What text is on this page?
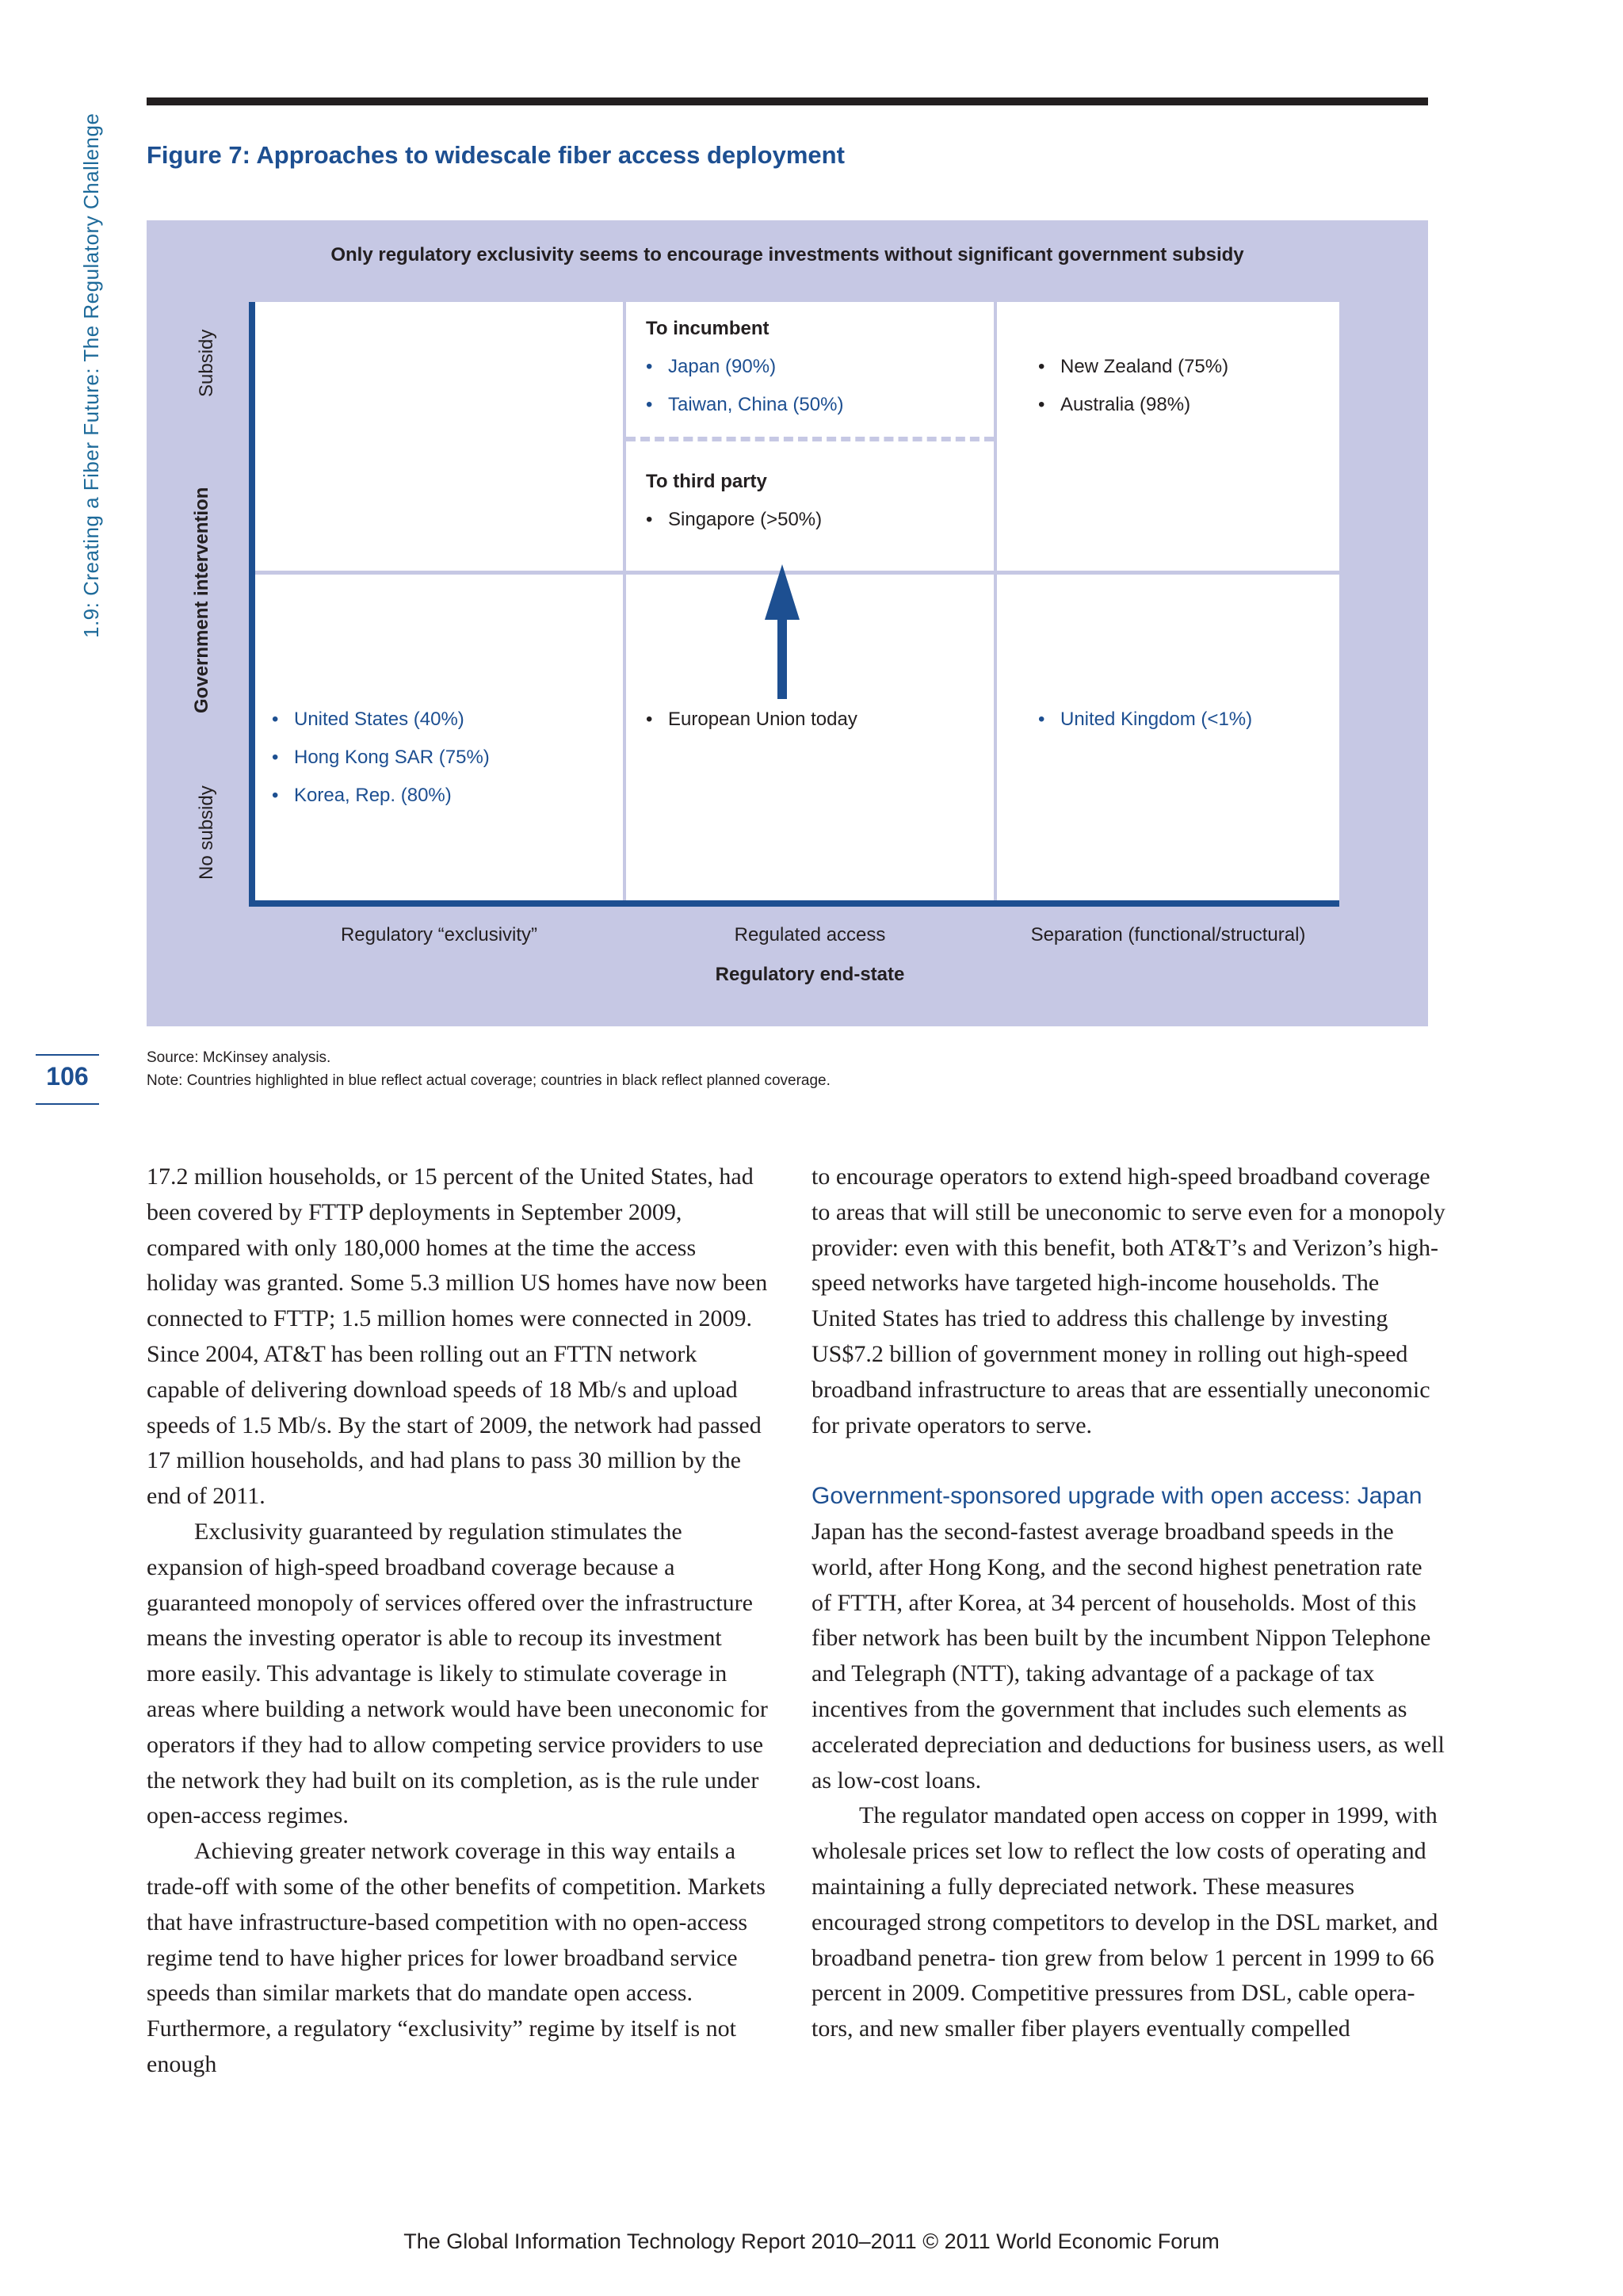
1.9: Creating a Fiber Future: The Regulatory Challenge
106
Figure 7: Approaches to widescale fiber access deployment
Only regulatory exclusivity seems to encourage investments without significant government subsidy
To incumbent
• Japan (90%)
• Taiwan, China (50%)
To third party
• Singapore (>50%)
• New Zealand (75%)
• Australia (98%)
• United States (40%)
• Hong Kong SAR (75%)
• Korea, Rep. (80%)
• European Union today
•	United Kingdom (<1%)
Subsidy
No subsidy
Government intervention
Regulatory “exclusivity”	Regulated access	Separation (functional/structural)
Regulatory end-state
Source: McKinsey analysis.
Note: Countries highlighted in blue reflect actual coverage; countries in black reflect planned coverage.

17.2 million households, or 15 percent of the United States, had been covered by FTTP deployments in September 2009, compared with only 180,000 homes at the time the access holiday was granted. Some 5.3 million US homes have now been connected to FTTP; 1.5 million homes were connected in 2009. Since 2004, AT&T has been rolling out an FTTN network capable of delivering download speeds of 18 Mb/s and upload speeds of 1.5 Mb/s. By the start of 2009, the network had passed 17 million households, and had plans to pass 30 million by the end of 2011.

Exclusivity guaranteed by regulation stimulates the expansion of high-speed broadband coverage because a guaranteed monopoly of services offered over the infrastructure means the investing operator is able to recoup its investment more easily. This advantage is likely to stimulate coverage in areas where building a network would have been uneconomic for operators if they had to allow competing service providers to use the network they had built on its completion, as is the rule under open-access regimes.

Achieving greater network coverage in this way entails a trade-off with some of the other benefits of competition. Markets that have infrastructure-based competition with no open-access regime tend to have higher prices for lower broadband service speeds than similar markets that do mandate open access. Furthermore, a regulatory “exclusivity” regime by itself is not enough

to encourage operators to extend high-speed broadband coverage to areas that will still be uneconomic to serve even for a monopoly provider: even with this benefit, both AT&T’s and Verizon’s high-speed networks have targeted high-income households. The United States has tried to address this challenge by investing US$7.2 billion of government money in rolling out high-speed broadband infrastructure to areas that are essentially uneconomic for private operators to serve.

Government-sponsored upgrade with open access: Japan

Japan has the second-fastest average broadband speeds in the world, after Hong Kong, and the second highest penetration rate of FTTH, after Korea, at 34 percent of households. Most of this fiber network has been built by the incumbent Nippon Telephone and Telegraph (NTT), taking advantage of a package of tax incentives from the government that includes such elements as accelerated depreciation and deductions for business users, as well as low-cost loans.

The regulator mandated open access on copper in 1999, with wholesale prices set low to reflect the low costs of operating and maintaining a fully depreciated network. These measures encouraged strong competitors to develop in the DSL market, and broadband penetra- tion grew from below 1 percent in 1999 to 66 percent in 2009. Competitive pressures from DSL, cable opera- tors, and new smaller fiber players eventually compelled

The Global Information Technology Report 2010–2011 © 2011 World Economic Forum
